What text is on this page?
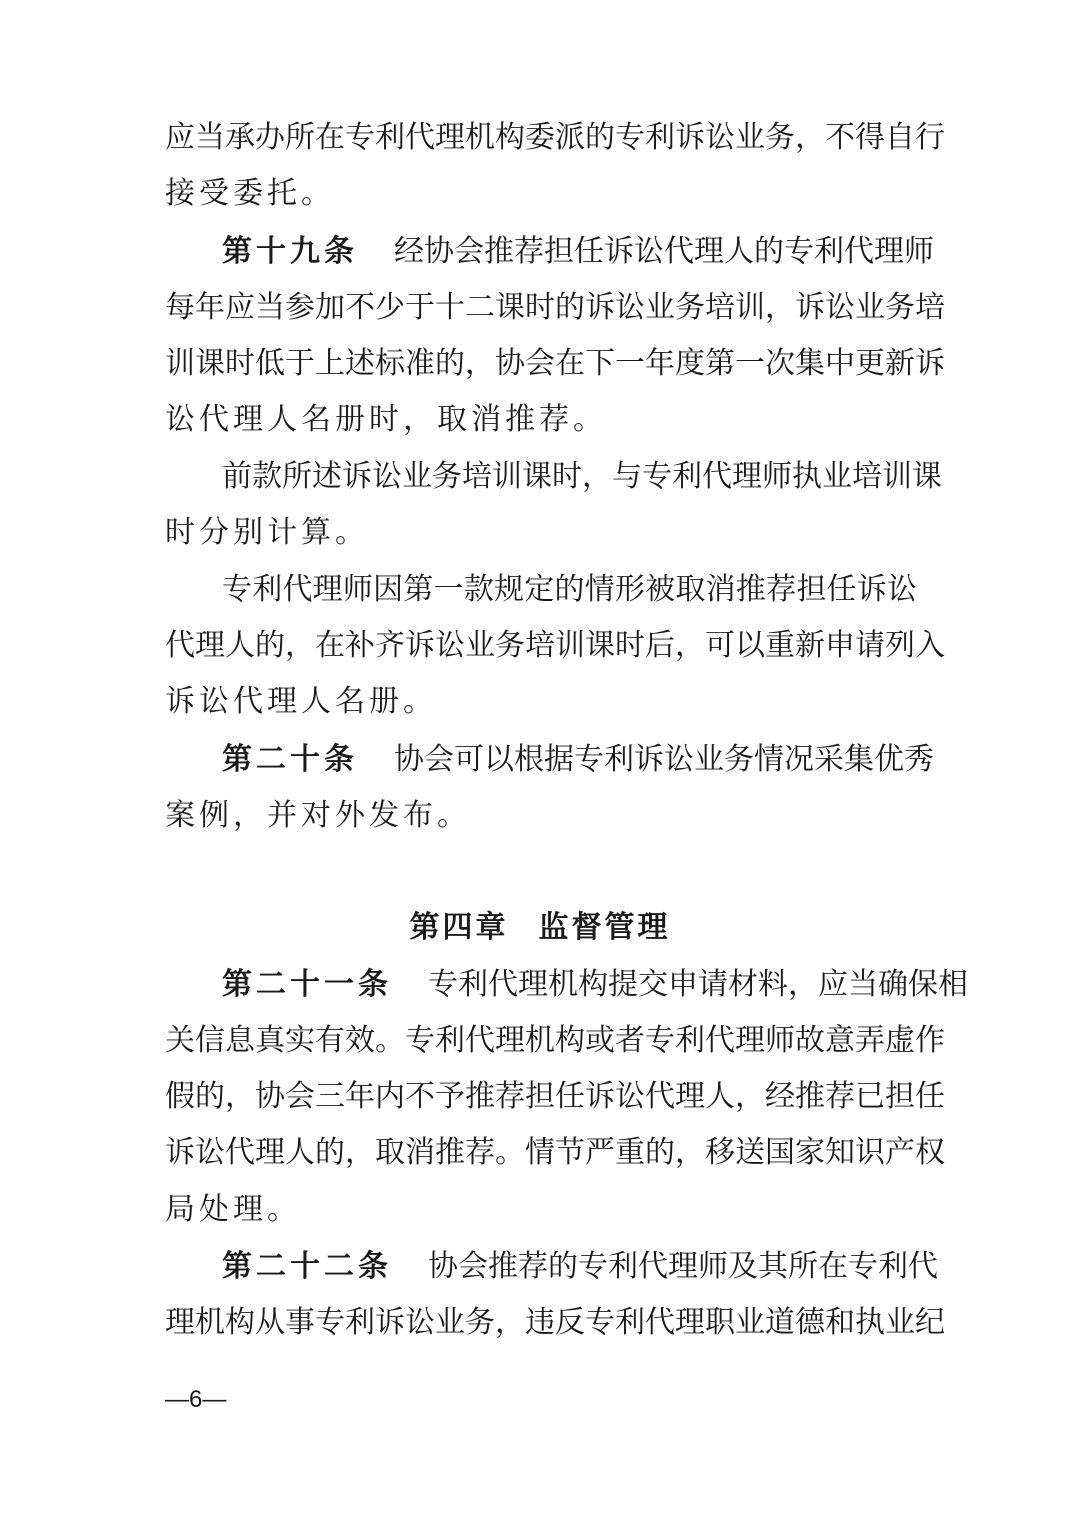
应当承办所在专利代理机构委派的专利诉讼业务，不得自行
接受委托。
第十九条 经协会推荐担任诉讼代理人的专利代理师
每年应当参加不少于十二课时的诉讼业务培训，诉讼业务培
训课时低于上述标准的，协会在下一年度第一次集中更新诉
讼代理人名册时，取消推荐。
前款所述诉讼业务培训课时，与专利代理师执业培训课
时分别计算。
专利代理师因第一款规定的情形被取消推荐担任诉讼
代理人的，在补齐诉讼业务培训课时后，可以重新申请列入
诉讼代理人名册。
第二十条 协会可以根据专利诉讼业务情况采集优秀
案例，并对外发布。
第四章 监督管理
第二十一条 专利代理机构提交申请材料，应当确保相
关信息真实有效。专利代理机构或者专利代理师故意弄虚作
假的，协会三年内不予推荐担任诉讼代理人，经推荐已担任
诉讼代理人的，取消推荐。情节严重的，移送国家知识产权
局处理。
第二十二条 协会推荐的专利代理师及其所在专利代
理机构从事专利诉讼业务，违反专利代理职业道德和执业纪
—6—
